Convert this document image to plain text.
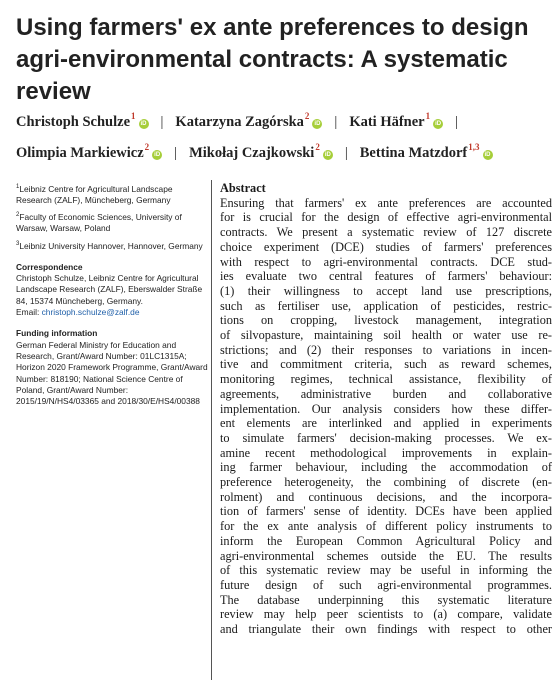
Using farmers' ex ante preferences to design
agri-environmental contracts: A systematic review
Christoph Schulze$^1$iD | Katarzyna Zagórska$^2$iD | Kati Häfner$^1$iD |
Olimpia Markiewicz$^2$iD | Mikołaj Czajkowski$^2$iD | Bettina Matzdorf$^{1,3}$iD
$^1$Leibniz Centre for Agricultural Landscape Research (ZALF), Müncheberg, Germany
$^2$Faculty of Economic Sciences, University of Warsaw, Warsaw, Poland
$^3$Leibniz University Hannover, Hannover, Germany
Correspondence
Christoph Schulze, Leibniz Centre for Agricultural Landscape Research (ZALF), Eberswalder Straße 84, 15374 Müncheberg, Germany.
Email: christoph.schulze@zalf.de
Funding information
German Federal Ministry for Education and Research, Grant/Award Number: 01LC1315A; Horizon 2020 Framework Programme, Grant/Award Number: 818190; National Science Centre of Poland, Grant/Award Number: 2015/19/N/HS4/03365 and 2018/30/E/HS4/00388
Abstract
Ensuring that farmers' ex ante preferences are accounted
for is crucial for the design of effective agri-environmental
contracts. We present a systematic review of 127 discrete
choice experiment (DCE) studies of farmers' preferences
with respect to agri-environmental contracts. DCE stud-
ies evaluate two central features of farmers' behaviour:
(1) their willingness to accept land use prescriptions,
such as fertiliser use, application of pesticides, restric-
tions on cropping, livestock management, integration
of silvopasture, maintaining soil health or water use re-
strictions; and (2) their responses to variations in incen-
tive and commitment criteria, such as reward schemes,
monitoring regimes, technical assistance, flexibility of
agreements, administrative burden and collaborative
implementation. Our analysis considers how these differ-
ent elements are interlinked and applied in experiments
to simulate farmers' decision-making processes. We ex-
amine recent methodological improvements in explain-
ing farmer behaviour, including the accommodation of
preference heterogeneity, the combining of discrete (en-
rolment) and continuous decisions, and the incorpora-
tion of farmers' sense of identity. DCEs have been applied
for the ex ante analysis of different policy instruments to
inform the European Common Agricultural Policy and
agri-environmental schemes outside the EU. The results
of this systematic review may be useful in informing the
future design of such agri-environmental programmes.
The database underpinning this systematic literature
review may help peer scientists to (a) compare, validate
and triangulate their own findings with respect to other
